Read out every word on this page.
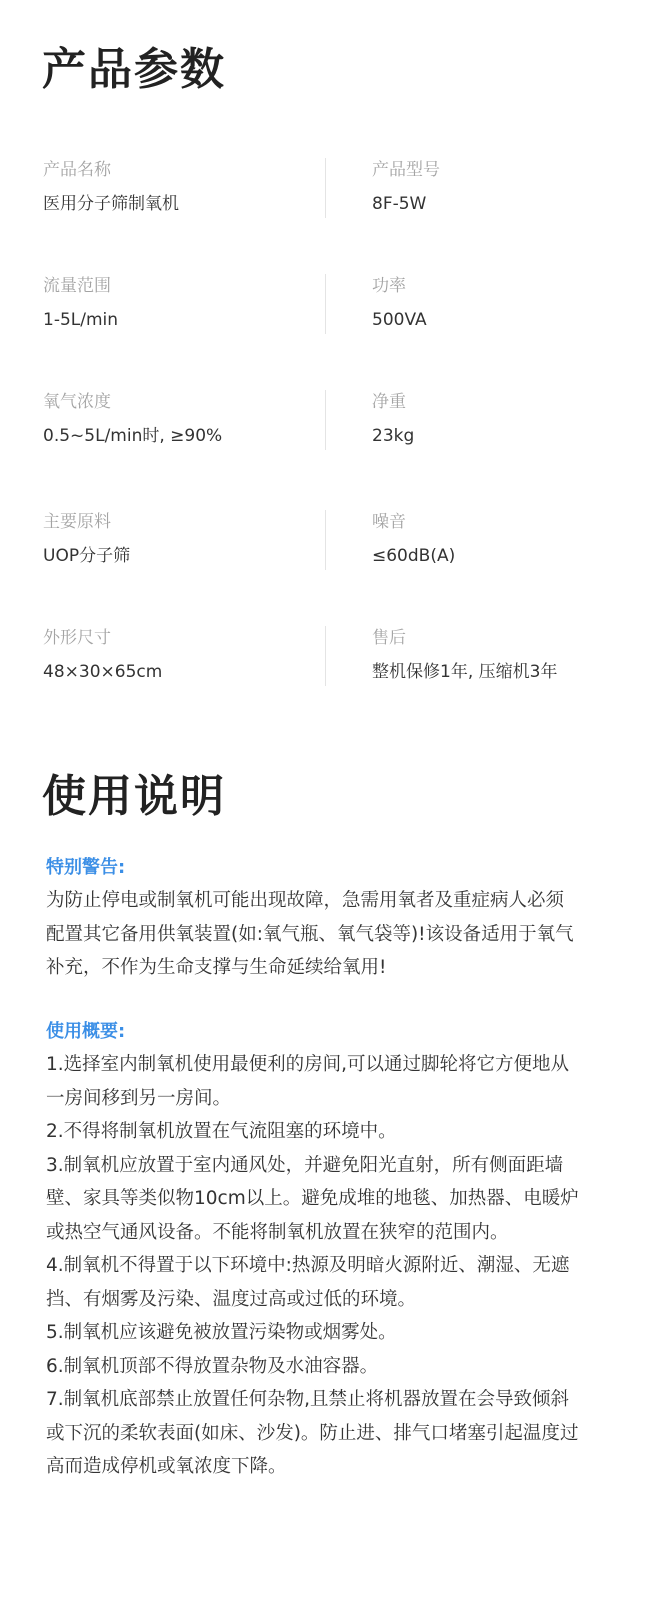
产品参数
产品名称
医用分子筛制氧机
产品型号
8F-5W
流量范围
1-5L/min
功率
500VA
氧气浓度
0.5~5L/min时, ≥90%
净重
23kg
主要原料
UOP分子筛
噪音
≤60dB(A)
外形尺寸
48×30×65cm
售后
整机保修1年, 压缩机3年
使用说明
特别警告:
为防止停电或制氧机可能出现故障，急需用氧者及重症病人必须
配置其它备用供氧装置(如:氧气瓶、氧气袋等)!该设备适用于氧气
补充，不作为生命支撑与生命延续给氧用!
使用概要:
1.选择室内制氧机使用最便利的房间,可以通过脚轮将它方便地从
一房间移到另一房间。
2.不得将制氧机放置在气流阻塞的环境中。
3.制氧机应放置于室内通风处，并避免阳光直射，所有侧面距墙
壁、家具等类似物10cm以上。避免成堆的地毯、加热器、电暖炉
或热空气通风设备。不能将制氧机放置在狭窄的范围内。
4.制氧机不得置于以下环境中:热源及明暗火源附近、潮湿、无遮
挡、有烟雾及污染、温度过高或过低的环境。
5.制氧机应该避免被放置污染物或烟雾处。
6.制氧机顶部不得放置杂物及水油容器。
7.制氧机底部禁止放置任何杂物,且禁止将机器放置在会导致倾斜
或下沉的柔软表面(如床、沙发)。防止进、排气口堵塞引起温度过
高而造成停机或氧浓度下降。
